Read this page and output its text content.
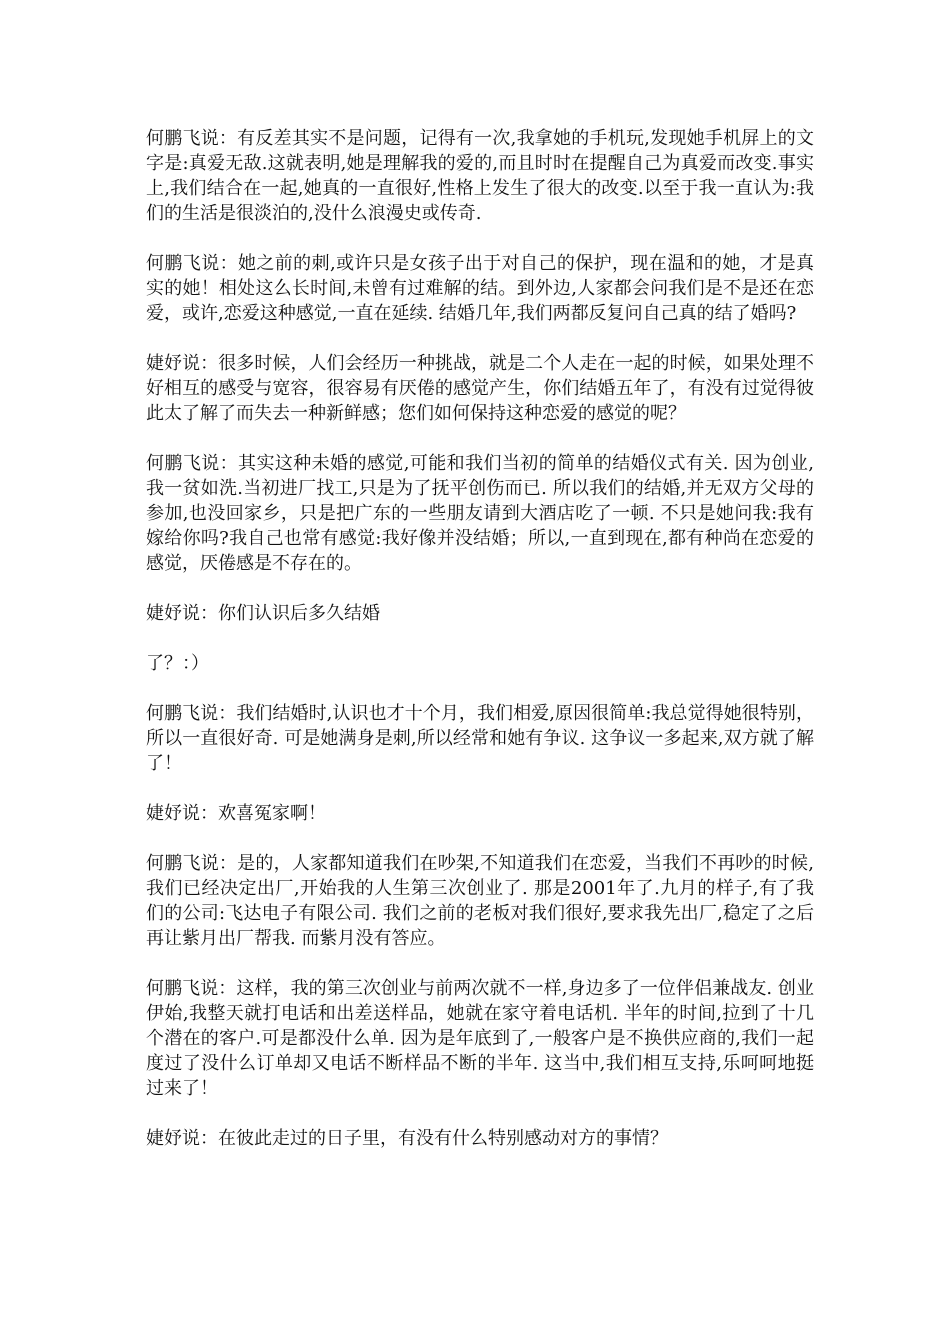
何鹏飞说：有反差其实不是问题，记得有一次,我拿她的手机玩,发现她手机屏上的文字是:真爱无敌.这就表明,她是理解我的爱的,而且时时在提醒自己为真爱而改变.事实上,我们结合在一起,她真的一直很好,性格上发生了很大的改变.以至于我一直认为:我们的生活是很淡泊的,没什么浪漫史或传奇.

何鹏飞说：她之前的刺,或许只是女孩子出于对自己的保护，现在温和的她，才是真实的她！相处这么长时间,未曾有过难解的结。到外边,人家都会问我们是不是还在恋爱，或许,恋爱这种感觉,一直在延续. 结婚几年,我们两都反复问自己真的结了婚吗?

婕妤说：很多时候，人们会经历一种挑战，就是二个人走在一起的时候，如果处理不好相互的感受与宽容，很容易有厌倦的感觉产生，你们结婚五年了，有没有过觉得彼此太了解了而失去一种新鲜感；您们如何保持这种恋爱的感觉的呢？

何鹏飞说：其实这种未婚的感觉,可能和我们当初的简单的结婚仪式有关. 因为创业,我一贫如洗.当初进厂找工,只是为了抚平创伤而已. 所以我们的结婚,并无双方父母的参加,也没回家乡，只是把广东的一些朋友请到大酒店吃了一顿. 不只是她问我:我有嫁给你吗?我自己也常有感觉:我好像并没结婚；所以,一直到现在,都有种尚在恋爱的感觉，厌倦感是不存在的。

婕妤说：你们认识后多久结婚

了？：）

何鹏飞说：我们结婚时,认识也才十个月，我们相爱,原因很简单:我总觉得她很特别，所以一直很好奇. 可是她满身是刺,所以经常和她有争议. 这争议一多起来,双方就了解了！

婕妤说：欢喜冤家啊！

何鹏飞说：是的，人家都知道我们在吵架,不知道我们在恋爱，当我们不再吵的时候,我们已经决定出厂,开始我的人生第三次创业了. 那是2001年了.九月的样子,有了我们的公司:飞达电子有限公司. 我们之前的老板对我们很好,要求我先出厂,稳定了之后再让紫月出厂帮我. 而紫月没有答应。

何鹏飞说：这样，我的第三次创业与前两次就不一样,身边多了一位伴侣兼战友. 创业伊始,我整天就打电话和出差送样品，她就在家守着电话机. 半年的时间,拉到了十几个潜在的客户.可是都没什么单. 因为是年底到了,一般客户是不换供应商的,我们一起度过了没什么订单却又电话不断样品不断的半年. 这当中,我们相互支持,乐呵呵地挺过来了！

婕妤说：在彼此走过的日子里，有没有什么特别感动对方的事情？
